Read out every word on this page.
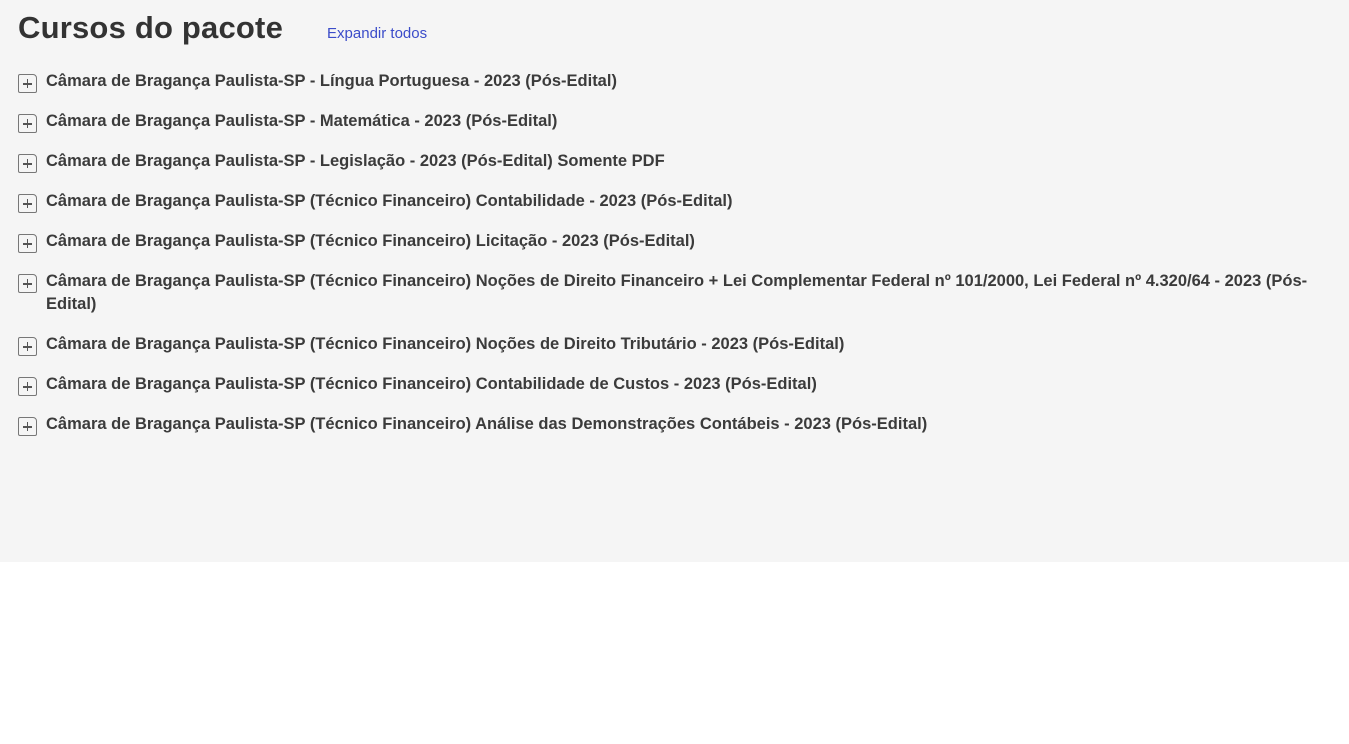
Cursos do pacote	Expandir todos
Câmara de Bragança Paulista-SP - Língua Portuguesa - 2023 (Pós-Edital)
Câmara de Bragança Paulista-SP - Matemática - 2023 (Pós-Edital)
Câmara de Bragança Paulista-SP - Legislação - 2023 (Pós-Edital) Somente PDF
Câmara de Bragança Paulista-SP (Técnico Financeiro) Contabilidade - 2023 (Pós-Edital)
Câmara de Bragança Paulista-SP (Técnico Financeiro) Licitação - 2023 (Pós-Edital)
Câmara de Bragança Paulista-SP (Técnico Financeiro) Noções de Direito Financeiro + Lei Complementar Federal nº 101/2000, Lei Federal nº 4.320/64 - 2023 (Pós-Edital)
Câmara de Bragança Paulista-SP (Técnico Financeiro) Noções de Direito Tributário - 2023 (Pós-Edital)
Câmara de Bragança Paulista-SP (Técnico Financeiro) Contabilidade de Custos - 2023 (Pós-Edital)
Câmara de Bragança Paulista-SP (Técnico Financeiro) Análise das Demonstrações Contábeis - 2023 (Pós-Edital)
